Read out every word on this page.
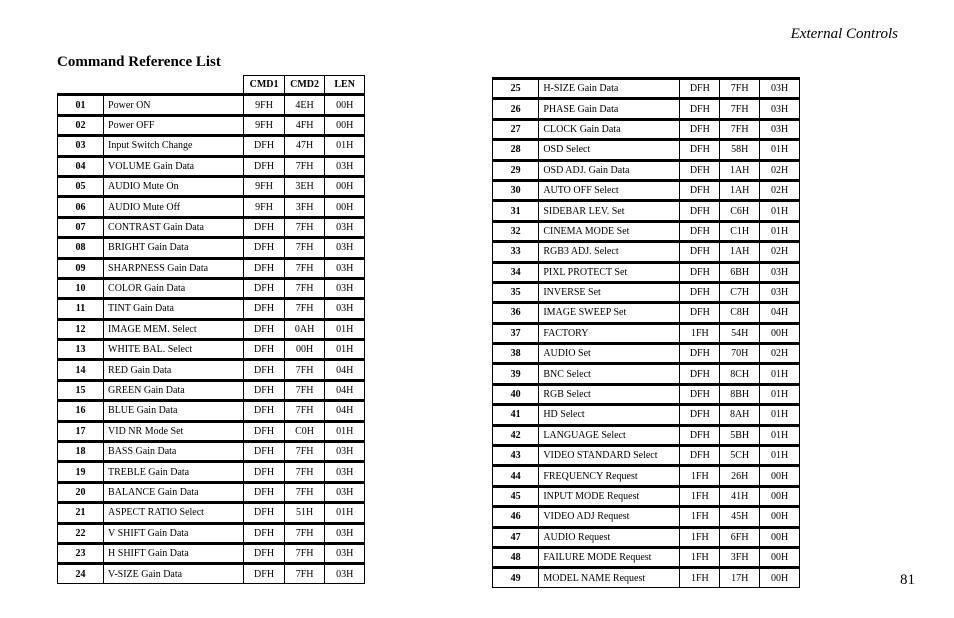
External Controls
Command Reference List
81
		CMD1	CMD2	LEN
01	Power ON	9FH	4EH	00H
02	Power OFF	9FH	4FH	00H
03	Input Switch Change	DFH	47H	01H
04	VOLUME Gain Data	DFH	7FH	03H
05	AUDIO Mute On	9FH	3EH	00H
06	AUDIO Mute Off	9FH	3FH	00H
07	CONTRAST Gain Data	DFH	7FH	03H
08	BRIGHT Gain Data	DFH	7FH	03H
09	SHARPNESS Gain Data	DFH	7FH	03H
10	COLOR Gain Data	DFH	7FH	03H
11	TINT Gain Data	DFH	7FH	03H
12	IMAGE MEM. Select	DFH	0AH	01H
13	WHITE BAL. Select	DFH	00H	01H
14	RED Gain Data	DFH	7FH	04H
15	GREEN Gain Data	DFH	7FH	04H
16	BLUE Gain Data	DFH	7FH	04H
17	VID NR Mode Set	DFH	C0H	01H
18	BASS Gain Data	DFH	7FH	03H
19	TREBLE Gain Data	DFH	7FH	03H
20	BALANCE Gain Data	DFH	7FH	03H
21	ASPECT RATIO Select	DFH	51H	01H
22	V SHIFT Gain Data	DFH	7FH	03H
23	H SHIFT Gain Data	DFH	7FH	03H
24	V-SIZE Gain Data	DFH	7FH	03H
25	H-SIZE Gain Data	DFH	7FH	03H
26	PHASE Gain Data	DFH	7FH	03H
27	CLOCK Gain Data	DFH	7FH	03H
28	OSD Select	DFH	58H	01H
29	OSD ADJ. Gain Data	DFH	1AH	02H
30	AUTO OFF Select	DFH	1AH	02H
31	SIDEBAR LEV. Set	DFH	C6H	01H
32	CINEMA MODE Set	DFH	C1H	01H
33	RGB3 ADJ. Select	DFH	1AH	02H
34	PIXL PROTECT Set	DFH	6BH	03H
35	INVERSE Set	DFH	C7H	03H
36	IMAGE SWEEP Set	DFH	C8H	04H
37	FACTORY	1FH	54H	00H
38	AUDIO Set	DFH	70H	02H
39	BNC Select	DFH	8CH	01H
40	RGB Select	DFH	8BH	01H
41	HD Select	DFH	8AH	01H
42	LANGUAGE Select	DFH	5BH	01H
43	VIDEO STANDARD Select	DFH	5CH	01H
44	FREQUENCY Request	1FH	26H	00H
45	INPUT MODE Request	1FH	41H	00H
46	VIDEO ADJ Request	1FH	45H	00H
47	AUDIO Request	1FH	6FH	00H
48	FAILURE MODE Request	1FH	3FH	00H
49	MODEL NAME Request	1FH	17H	00H
